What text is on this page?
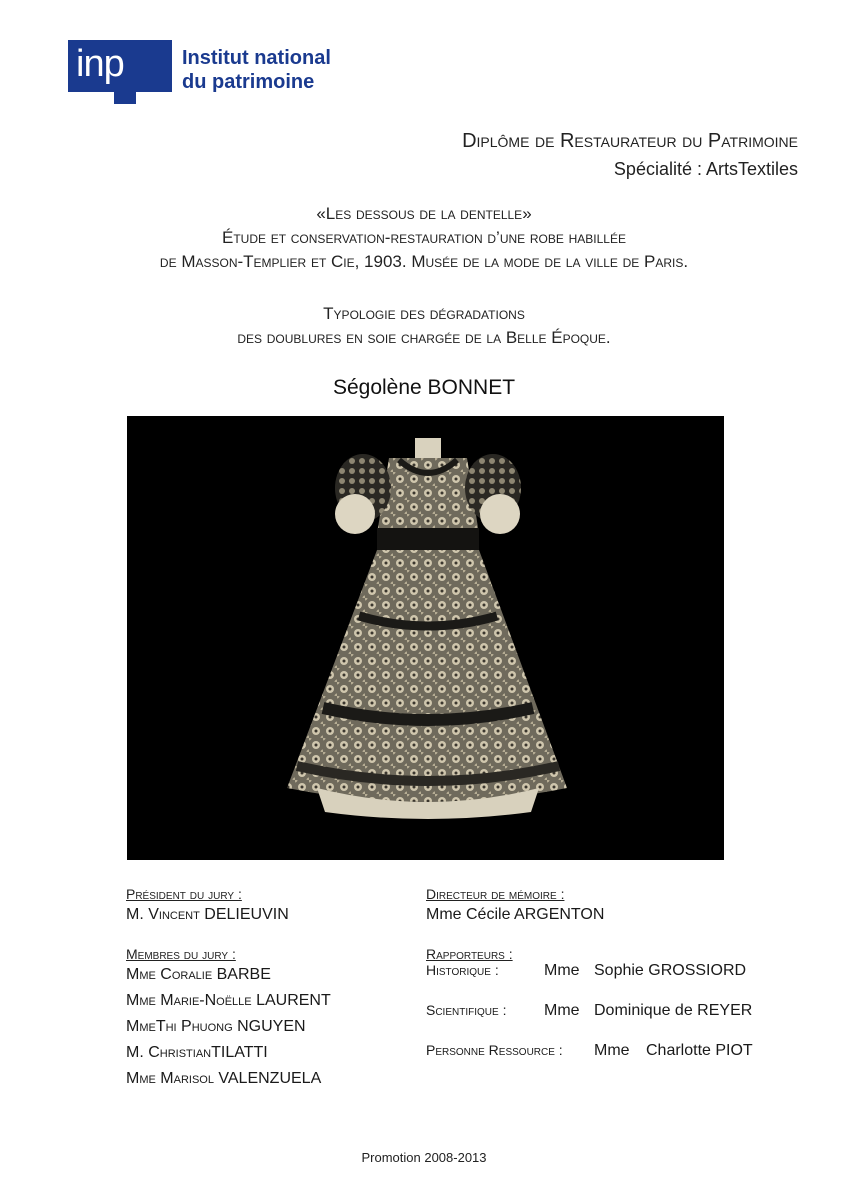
inp	Institut national
du patrimoine
Diplôme de Restaurateur du Patrimoine
Spécialité : ArtsTextiles
«Les dessous de la dentelle»
Étude et conservation-restauration d’une robe habillée
de Masson-Templier et Cie, 1903. Musée de la mode de la ville de Paris.
Typologie des dégradations
des doublures en soie chargée de la Belle Époque.
Ségolène BONNET
Président du jury :
M. Vincent DELIEUVIN
Membres du jury :
Mme Coralie BARBE
Mme Marie-Noëlle LAURENT
MmeThi Phuong NGUYEN
M. ChristianTILATTI
Mme Marisol VALENZUELA
Directeur de mémoire :
Mme Cécile ARGENTON
Rapporteurs :
Historique :	Mme Sophie GROSSIORD
Scientifique :	Mme Dominique de REYER
Personne Ressource :	Mme	Charlotte PIOT
Promotion 2008-2013
